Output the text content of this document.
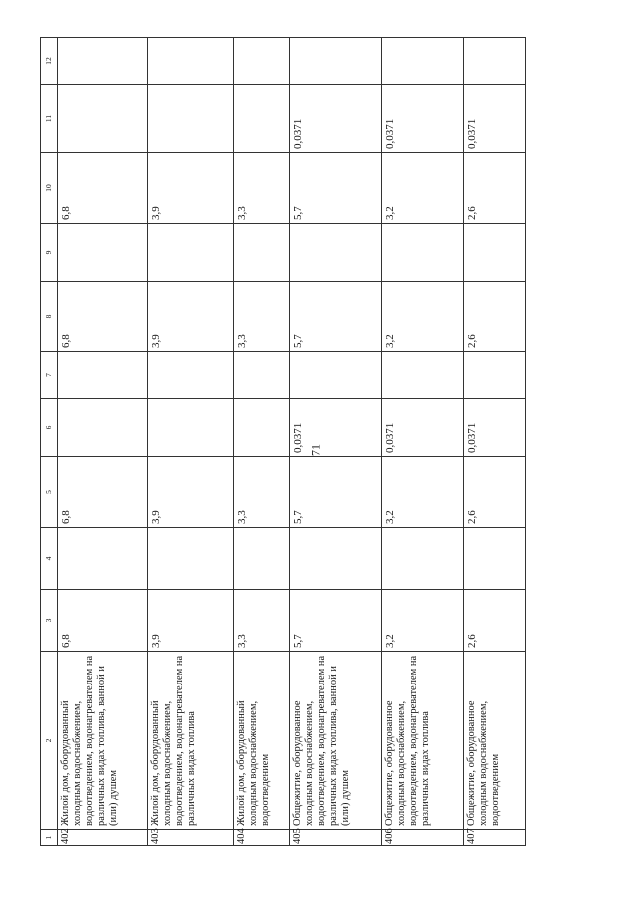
71
1	2	3	4	5	6	7	8	9	10	11	12
402	Жилой дом, оборудованный холодным водоснабжением, водоотведением, водонагревателем на различных видах топлива, ванной и (или) душем	6,8		6,8			6,8		6,8		
403	Жилой дом, оборудованный холодным водоснабжением, водоотведением, водонагревателем на различных видах топлива	3,9		3,9			3,9		3,9		
404	Жилой дом, оборудованный холодным водоснабжением, водоотведением	3,3		3,3			3,3		3,3		
405	Общежитие, оборудованное холодным водоснабжением, водоотведением, водонагревателем на различных видах топлива, ванной и (или) душем	5,7		5,7	0,0371		5,7		5,7	0,0371	
406	Общежитие, оборудованное холодным водоснабжением, водоотведением, водонагревателем на различных видах топлива	3,2		3,2	0,0371		3,2		3,2	0,0371	
407	Общежитие, оборудованное холодным водоснабжением, водоотведением	2,6		2,6	0,0371		2,6		2,6	0,0371	
